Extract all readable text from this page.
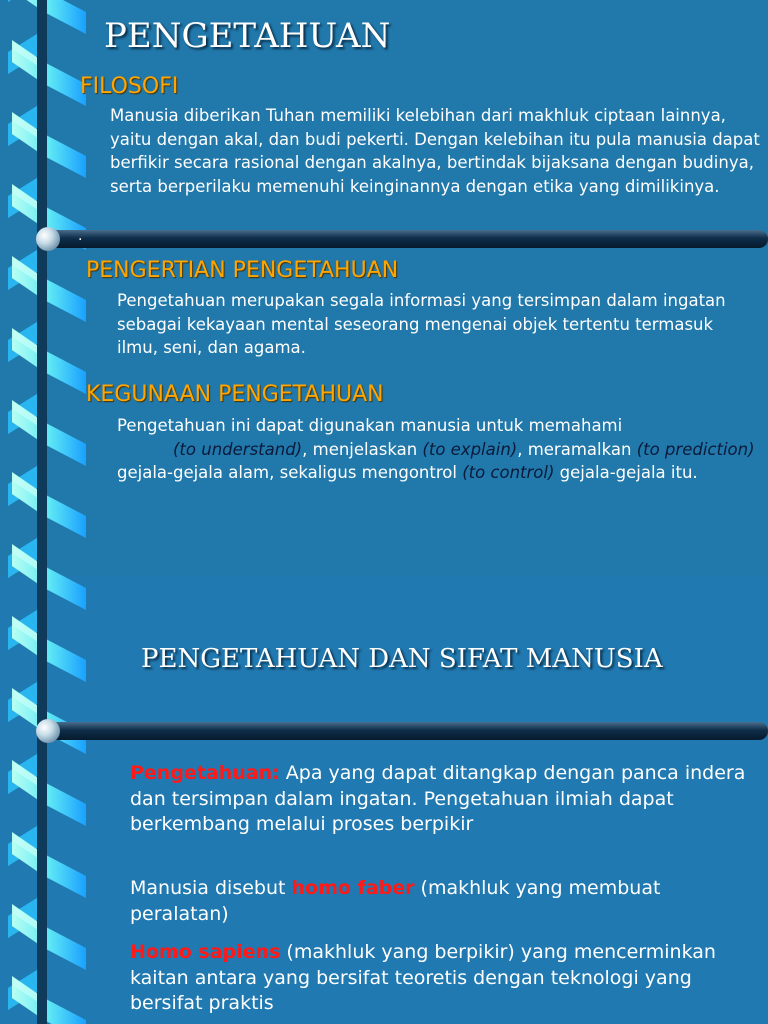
PENGETAHUAN
FILOSOFI

Manusia diberikan Tuhan memiliki kelebihan dari makhluk ciptaan lainnya, yaitu dengan akal, dan budi pekerti. Dengan kelebihan itu pula manusia dapat berfikir secara rasional dengan akalnya, bertindak bijaksana dengan budinya, serta berperilaku memenuhi keinginannya dengan etika yang dimilikinya.

.
PENGERTIAN PENGETAHUAN

Pengetahuan merupakan segala informasi yang tersimpan dalam ingatan sebagai kekayaan mental seseorang mengenai objek tertentu termasuk ilmu, seni, dan agama.

KEGUNAAN PENGETAHUAN

Pengetahuan ini dapat digunakan manusia untuk memahami
(to understand), menjelaskan (to explain), meramalkan (to prediction) gejala-gejala alam, sekaligus mengontrol (to control) gejala-gejala itu.

PENGETAHUAN DAN SIFAT MANUSIA

Pengetahuan: Apa yang dapat ditangkap dengan panca indera dan tersimpan dalam ingatan. Pengetahuan ilmiah dapat berkembang melalui proses berpikir

Manusia disebut homo faber (makhluk yang membuat peralatan)

Homo sapiens (makhluk yang berpikir) yang mencerminkan kaitan antara yang bersifat teoretis dengan teknologi yang bersifat praktis
